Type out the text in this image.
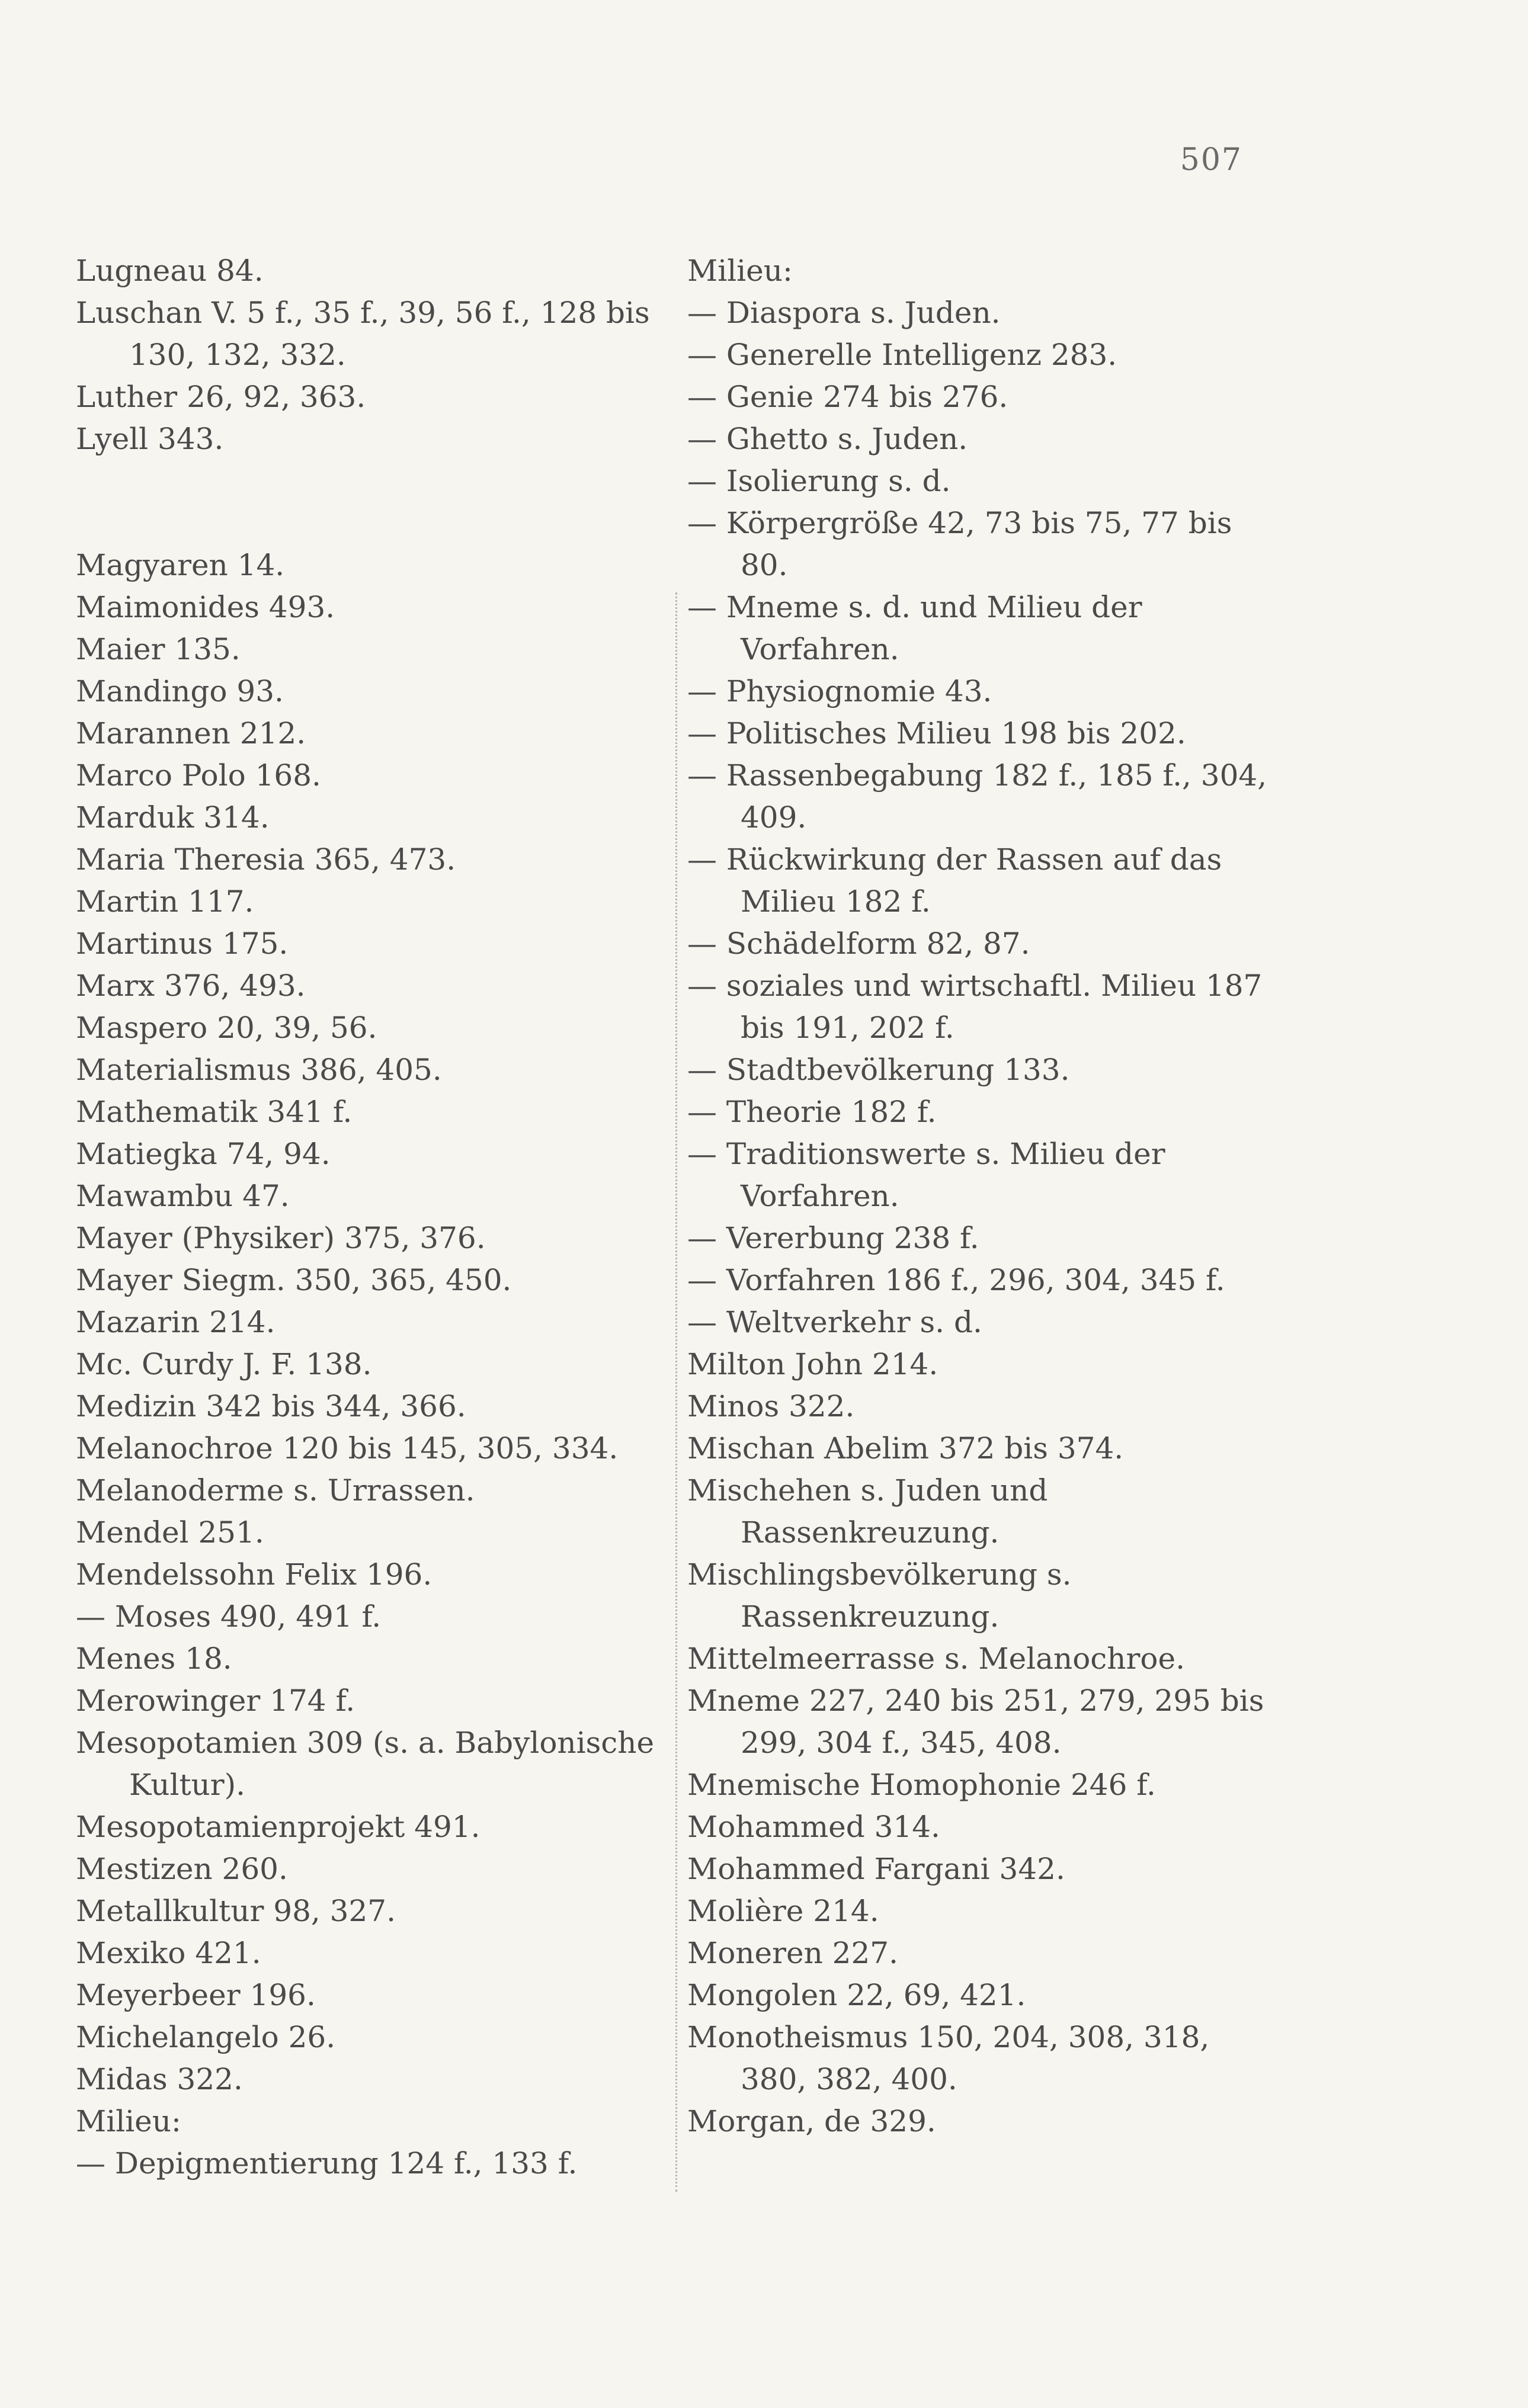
507
Lugneau 84.
Luschan V. 5 f., 35 f., 39, 56 f., 128 bis 130, 132, 332.
Luther 26, 92, 363.
Lyell 343.
Magyaren 14.
Maimonides 493.
Maier 135.
Mandingo 93.
Marannen 212.
Marco Polo 168.
Marduk 314.
Maria Theresia 365, 473.
Martin 117.
Martinus 175.
Marx 376, 493.
Maspero 20, 39, 56.
Materialismus 386, 405.
Mathematik 341 f.
Matiegka 74, 94.
Mawambu 47.
Mayer (Physiker) 375, 376.
Mayer Siegm. 350, 365, 450.
Mazarin 214.
Mc. Curdy J. F. 138.
Medizin 342 bis 344, 366.
Melanochroe 120 bis 145, 305, 334.
Melanoderme s. Urrassen.
Mendel 251.
Mendelssohn Felix 196.
— Moses 490, 491 f.
Menes 18.
Merowinger 174 f.
Mesopotamien 309 (s. a. Babylonische Kultur).
Mesopotamienprojekt 491.
Mestizen 260.
Metallkultur 98, 327.
Mexiko 421.
Meyerbeer 196.
Michelangelo 26.
Midas 322.
Milieu:
— Depigmentierung 124 f., 133 f.
Milieu:
— Diaspora s. Juden.
— Generelle Intelligenz 283.
— Genie 274 bis 276.
— Ghetto s. Juden.
— Isolierung s. d.
— Körpergröße 42, 73 bis 75, 77 bis 80.
— Mneme s. d. und Milieu der Vorfahren.
— Physiognomie 43.
— Politisches Milieu 198 bis 202.
— Rassenbegabung 182 f., 185 f., 304, 409.
— Rückwirkung der Rassen auf das Milieu 182 f.
— Schädelform 82, 87.
— soziales und wirtschaftl. Milieu 187 bis 191, 202 f.
— Stadtbevölkerung 133.
— Theorie 182 f.
— Traditionswerte s. Milieu der Vorfahren.
— Vererbung 238 f.
— Vorfahren 186 f., 296, 304, 345 f.
— Weltverkehr s. d.
Milton John 214.
Minos 322.
Mischan Abelim 372 bis 374.
Mischehen s. Juden und Rassenkreuzung.
Mischlingsbevölkerung s. Rassenkreuzung.
Mittelmeerrasse s. Melanochroe.
Mneme 227, 240 bis 251, 279, 295 bis 299, 304 f., 345, 408.
Mnemische Homophonie 246 f.
Mohammed 314.
Mohammed Fargani 342.
Molière 214.
Moneren 227.
Mongolen 22, 69, 421.
Monotheismus 150, 204, 308, 318, 380, 382, 400.
Morgan, de 329.
